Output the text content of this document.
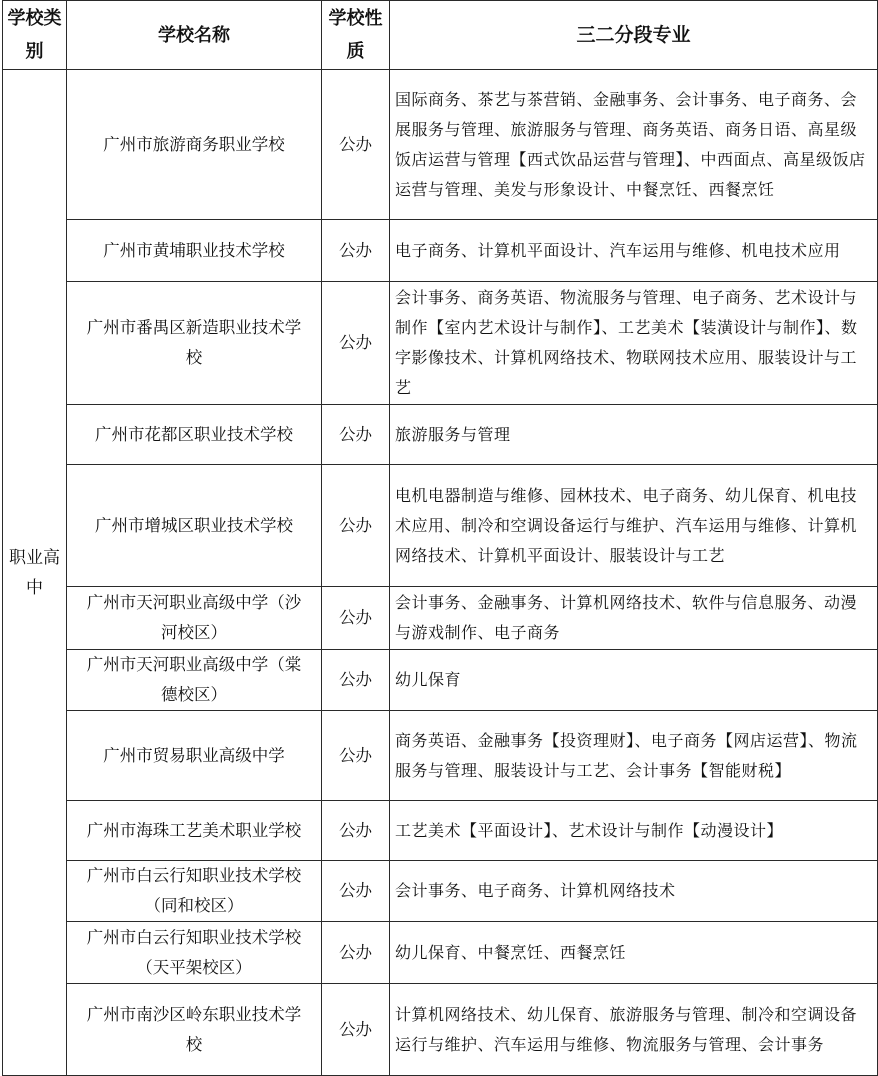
学校类别	学校名称	学校性质	三二分段专业
职业高中	广州市旅游商务职业学校	公办	国际商务、茶艺与茶营销、金融事务、会计事务、电子商务、会展服务与管理、旅游服务与管理、商务英语、商务日语、高星级饭店运营与管理【西式饮品运营与管理】、中西面点、高星级饭店运营与管理、美发与形象设计、中餐烹饪、西餐烹饪
	广州市黄埔职业技术学校	公办	电子商务、计算机平面设计、汽车运用与维修、机电技术应用
	广州市番禺区新造职业技术学校	公办	会计事务、商务英语、物流服务与管理、电子商务、艺术设计与制作【室内艺术设计与制作】、工艺美术【装潢设计与制作】、数字影像技术、计算机网络技术、物联网技术应用、服装设计与工艺
	广州市花都区职业技术学校	公办	旅游服务与管理
	广州市增城区职业技术学校	公办	电机电器制造与维修、园林技术、电子商务、幼儿保育、机电技术应用、制冷和空调设备运行与维护、汽车运用与维修、计算机网络技术、计算机平面设计、服装设计与工艺
	广州市天河职业高级中学（沙河校区）	公办	会计事务、金融事务、计算机网络技术、软件与信息服务、动漫与游戏制作、电子商务
	广州市天河职业高级中学（棠德校区）	公办	幼儿保育
	广州市贸易职业高级中学	公办	商务英语、金融事务【投资理财】、电子商务【网店运营】、物流服务与管理、服装设计与工艺、会计事务【智能财税】
	广州市海珠工艺美术职业学校	公办	工艺美术【平面设计】、艺术设计与制作【动漫设计】
	广州市白云行知职业技术学校（同和校区）	公办	会计事务、电子商务、计算机网络技术
	广州市白云行知职业技术学校（天平架校区）	公办	幼儿保育、中餐烹饪、西餐烹饪
	广州市南沙区岭东职业技术学校	公办	计算机网络技术、幼儿保育、旅游服务与管理、制冷和空调设备运行与维护、汽车运用与维修、物流服务与管理、会计事务
